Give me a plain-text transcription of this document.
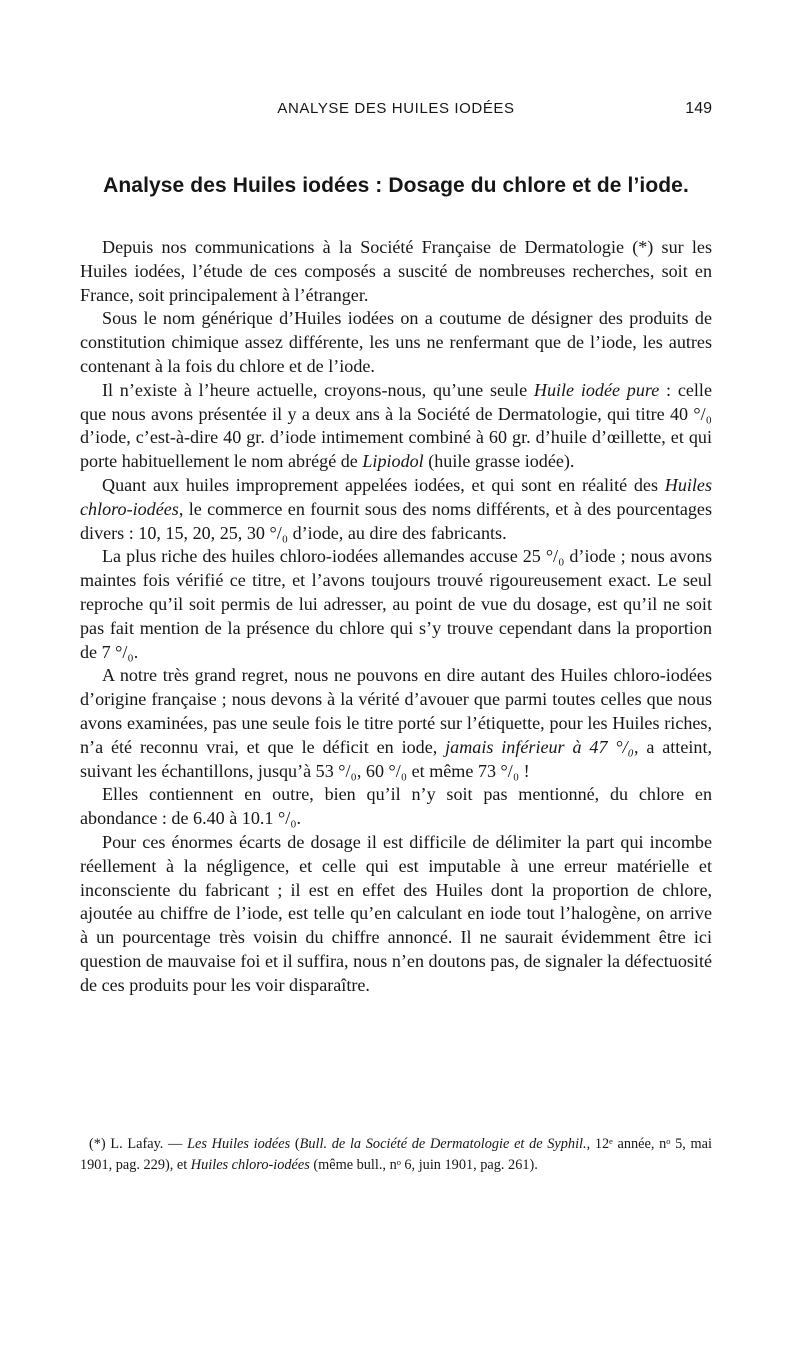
ANALYSE DES HUILES IODÉES	149
Analyse des Huiles iodées : Dosage du chlore et de l’iode.

Depuis nos communications à la Société Française de Dermatologie (*) sur les Huiles iodées, l’étude de ces composés a suscité de nombreuses recherches, soit en France, soit principalement à l’étranger.

Sous le nom générique d’Huiles iodées on a coutume de désigner des produits de constitution chimique assez différente, les uns ne renfermant que de l’iode, les autres contenant à la fois du chlore et de l’iode.

Il n’existe à l’heure actuelle, croyons-nous, qu’une seule Huile iodée pure : celle que nous avons présentée il y a deux ans à la Société de Dermatologie, qui titre 40 °/₀ d’iode, c’est-à-dire 40 gr. d’iode intimement combiné à 60 gr. d’huile d’œillette, et qui porte habituellement le nom abrégé de Lipiodol (huile grasse iodée).

Quant aux huiles improprement appelées iodées, et qui sont en réalité des Huiles chloro-iodées, le commerce en fournit sous des noms différents, et à des pourcentages divers : 10, 15, 20, 25, 30 °/₀ d’iode, au dire des fabricants.

La plus riche des huiles chloro-iodées allemandes accuse 25 °/₀ d’iode ; nous avons maintes fois vérifié ce titre, et l’avons toujours trouvé rigoureusement exact. Le seul reproche qu’il soit permis de lui adresser, au point de vue du dosage, est qu’il ne soit pas fait mention de la présence du chlore qui s’y trouve cependant dans la proportion de 7 °/₀.

A notre très grand regret, nous ne pouvons en dire autant des Huiles chloro-iodées d’origine française ; nous devons à la vérité d’avouer que parmi toutes celles que nous avons examinées, pas une seule fois le titre porté sur l’étiquette, pour les Huiles riches, n’a été reconnu vrai, et que le déficit en iode, jamais inférieur à 47 °/₀, a atteint, suivant les échantillons, jusqu’à 53 °/₀, 60 °/₀ et même 73 °/₀ !

Elles contiennent en outre, bien qu’il n’y soit pas mentionné, du chlore en abondance : de 6.40 à 10.1 °/₀.

Pour ces énormes écarts de dosage il est difficile de délimiter la part qui incombe réellement à la négligence, et celle qui est imputable à une erreur matérielle et inconsciente du fabricant ; il est en effet des Huiles dont la proportion de chlore, ajoutée au chiffre de l’iode, est telle qu’en calculant en iode tout l’halogène, on arrive à un pourcentage très voisin du chiffre annoncé. Il ne saurait évidemment être ici question de mauvaise foi et il suffira, nous n’en doutons pas, de signaler la défectuosité de ces produits pour les voir disparaître.

(*) L. Lafay. — Les Huiles iodées (Bull. de la Société de Dermatologie et de Syphil., 12ᵉ année, nᵒ 5, mai 1901, pag. 229), et Huiles chloro-iodées (même bull., nᵒ 6, juin 1901, pag. 261).
